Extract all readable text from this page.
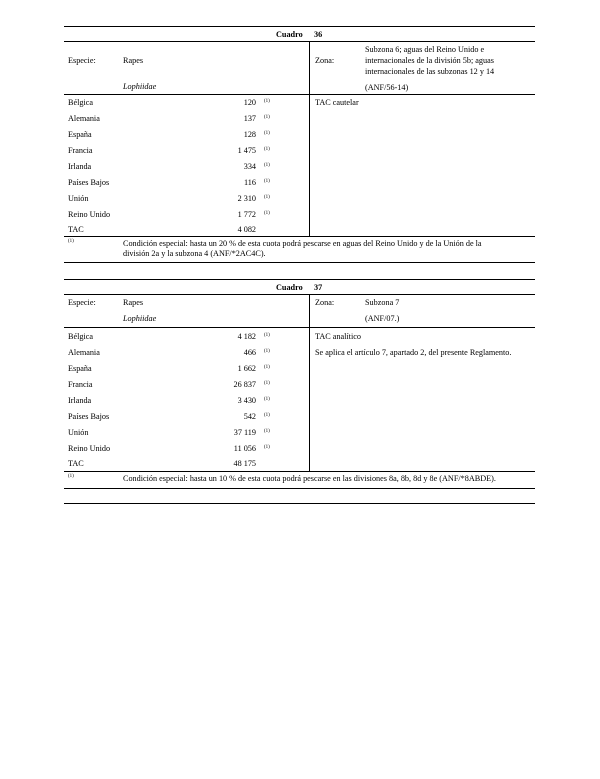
Cuadro 36
Especie:	Rapes
Lophiidae
Zona:
Subzona 6; aguas del Reino Unido e
internacionales de la división 5b; aguas
internacionales de las subzonas 12 y 14
(ANF/56-14)
Bélgica	120 (1)
Alemania	137 (1)
España	128 (1)
Francia	1 475 (1)
Irlanda	334 (1)
Países Bajos	116 (1)
Unión	2 310 (1)
Reino Unido	1 772 (1)
TAC	4 082
TAC cautelar
(1)	Condición especial: hasta un 20 % de esta cuota podrá pescarse en aguas del Reino Unido y de la Unión de la
división 2a y la subzona 4 (ANF/*2AC4C).
Cuadro 37
Especie:	Rapes
Lophiidae
Zona:	Subzona 7
(ANF/07.)
Bélgica	4 182 (1)
Alemania	466 (1)
España	1 662 (1)
Francia	26 837 (1)
Irlanda	3 430 (1)
Países Bajos	542 (1)
Unión	37 119 (1)
Reino Unido	11 056 (1)
TAC	48 175
TAC analítico
Se aplica el artículo 7, apartado 2, del presente Reglamento.
(1)	Condición especial: hasta un 10 % de esta cuota podrá pescarse en las divisiones 8a, 8b, 8d y 8e (ANF/*8ABDE).
